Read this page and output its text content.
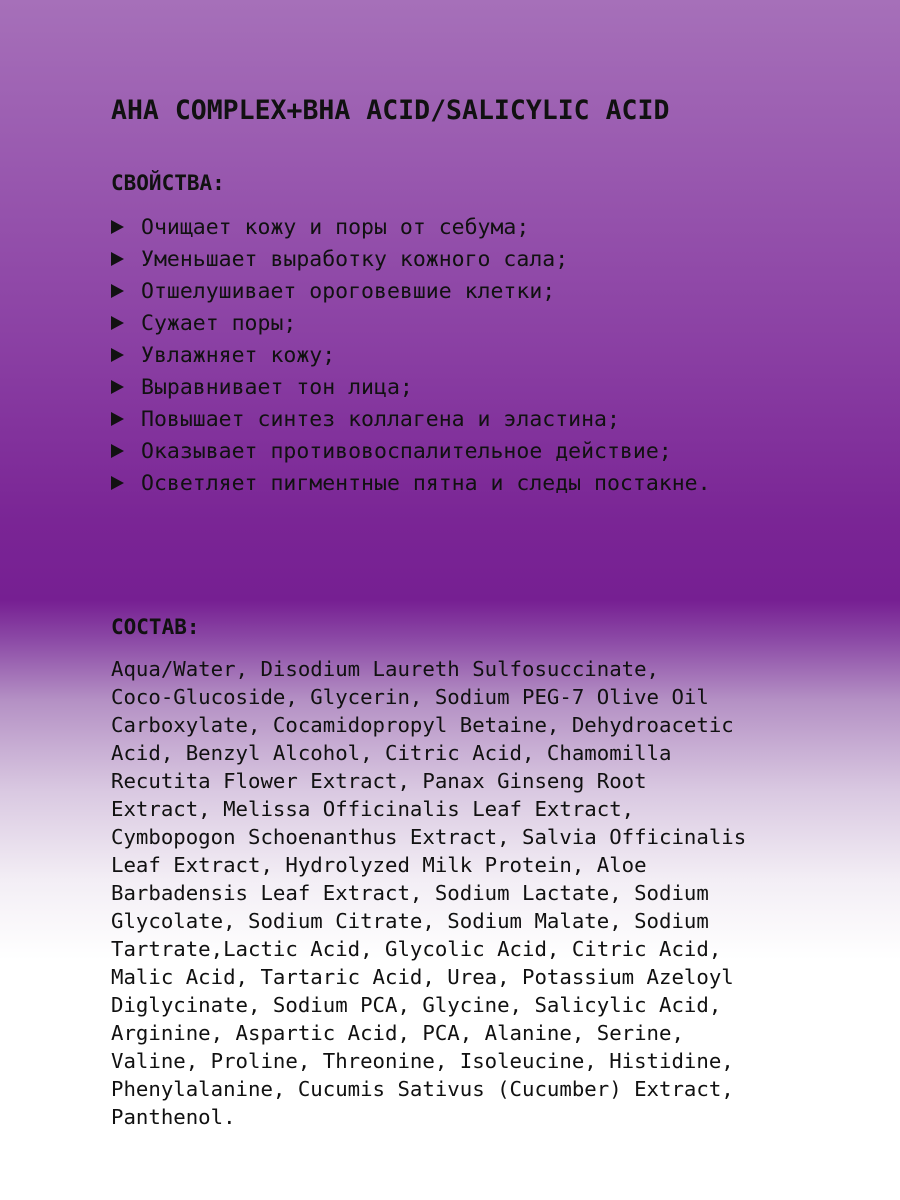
AHA COMPLEX+BHA ACID/SALICYLIC ACID
СВОЙСТВА:
Очищает кожу и поры от себума;
Уменьшает выработку кожного сала;
Отшелушивает ороговевшие клетки;
Сужает поры;
Увлажняет кожу;
Выравнивает тон лица;
Повышает синтез коллагена и эластина;
Оказывает противовоспалительное действие;
Осветляет пигментные пятна и следы постакне.
СОСТАВ:

Aqua/Water, Disodium Laureth Sulfosuccinate,
Coco-Glucoside, Glycerin, Sodium PEG-7 Olive Oil
Carboxylate, Cocamidopropyl Betaine, Dehydroacetic
Acid, Benzyl Alcohol, Citric Acid, Chamomilla
Recutita Flower Extract, Panax Ginseng Root
Extract, Melissa Officinalis Leaf Extract,
Cymbopogon Schoenanthus Extract, Salvia Officinalis
Leaf Extract, Hydrolyzed Milk Protein, Aloe
Barbadensis Leaf Extract, Sodium Lactate, Sodium
Glycolate, Sodium Citrate, Sodium Malate, Sodium
Tartrate,Lactic Acid, Glycolic Acid, Citric Acid,
Malic Acid, Tartaric Acid, Urea, Potassium Azeloyl
Diglycinate, Sodium PCA, Glycine, Salicylic Acid,
Arginine, Aspartic Acid, PCA, Alanine, Serine,
Valine, Proline, Threonine, Isoleucine, Histidine,
Phenylalanine, Cucumis Sativus (Cucumber) Extract,
Panthenol.
